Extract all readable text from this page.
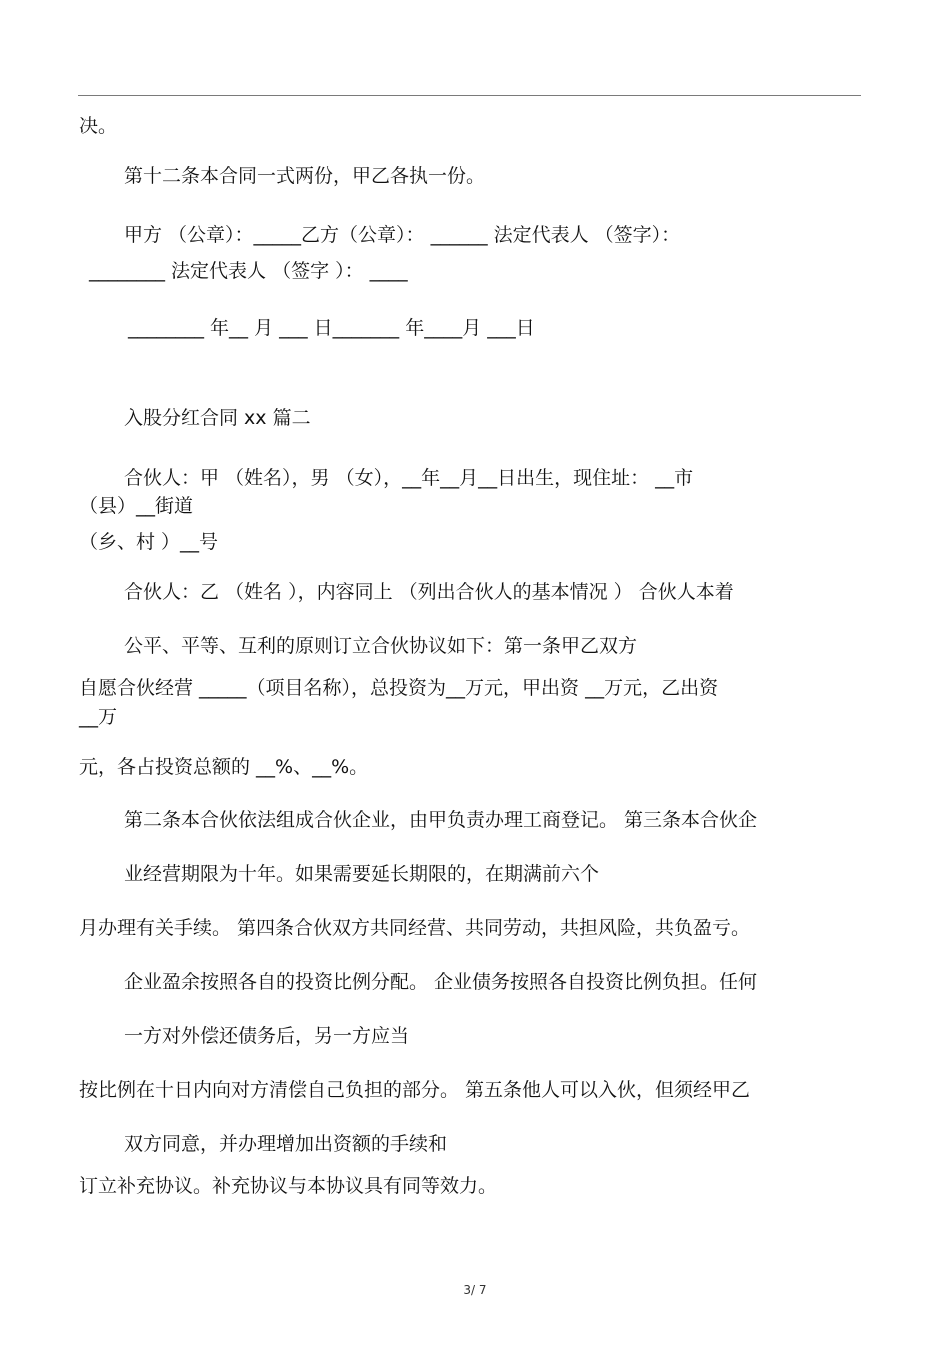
决。
第十二条本合同一式两份，甲乙各执一份。
甲方 （公章）：_____乙方（公章）： ______ 法定代表人 （签字）：
________ 法定代表人 （签字 ）： ____
________ 年__ 月 ___ 日_______ 年____月 ___日
入股分红合同 xx 篇二
合伙人：甲 （姓名），男 （女），__年__月__日出生，现住址： __市
（县）__街道
（乡、村 ）__号
合伙人：乙 （姓名 ），内容同上 （列出合伙人的基本情况 ） 合伙人本着
公平、平等、互利的原则订立合伙协议如下：第一条甲乙双方
自愿合伙经营 _____（项目名称），总投资为__万元，甲出资 __万元，乙出资
__万
元，各占投资总额的 __%、__%。
第二条本合伙依法组成合伙企业，由甲负责办理工商登记。 第三条本合伙企
业经营期限为十年。如果需要延长期限的，在期满前六个
月办理有关手续。 第四条合伙双方共同经营、共同劳动，共担风险，共负盈亏。
企业盈余按照各自的投资比例分配。 企业债务按照各自投资比例负担。任何
一方对外偿还债务后，另一方应当
按比例在十日内向对方清偿自己负担的部分。 第五条他人可以入伙，但须经甲乙
双方同意，并办理增加出资额的手续和
订立补充协议。补充协议与本协议具有同等效力。
3/ 7
